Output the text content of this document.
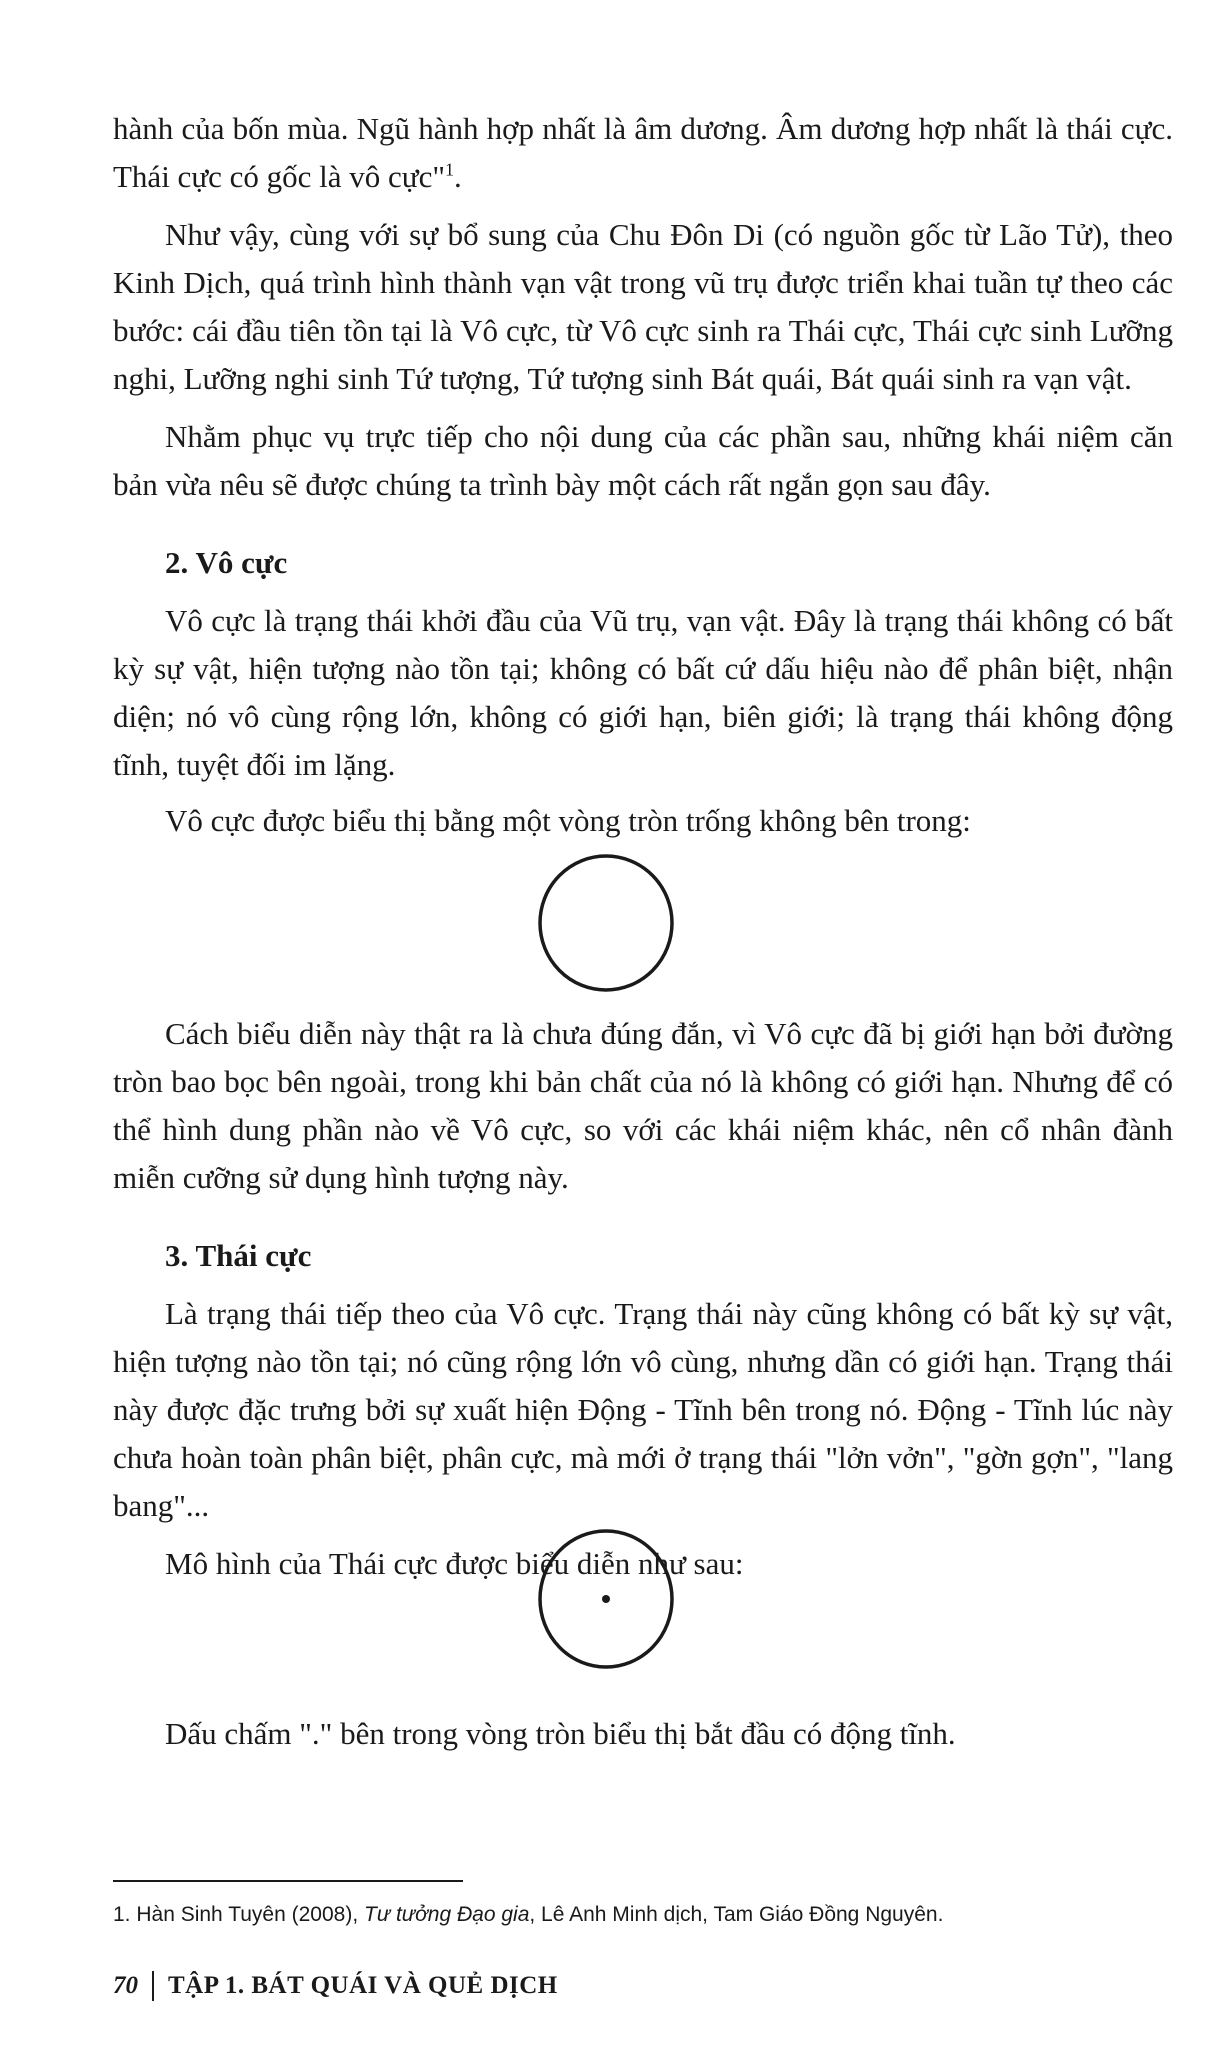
hành của bốn mùa. Ngũ hành hợp nhất là âm dương. Âm dương hợp nhất là thái cực. Thái cực có gốc là vô cực"$^1$.

Như vậy, cùng với sự bổ sung của Chu Đôn Di (có nguồn gốc từ Lão Tử), theo Kinh Dịch, quá trình hình thành vạn vật trong vũ trụ được triển khai tuần tự theo các bước: cái đầu tiên tồn tại là Vô cực, từ Vô cực sinh ra Thái cực, Thái cực sinh Lưỡng nghi, Lưỡng nghi sinh Tứ tượng, Tứ tượng sinh Bát quái, Bát quái sinh ra vạn vật.

Nhằm phục vụ trực tiếp cho nội dung của các phần sau, những khái niệm căn bản vừa nêu sẽ được chúng ta trình bày một cách rất ngắn gọn sau đây.

2. Vô cực

Vô cực là trạng thái khởi đầu của Vũ trụ, vạn vật. Đây là trạng thái không có bất kỳ sự vật, hiện tượng nào tồn tại; không có bất cứ dấu hiệu nào để phân biệt, nhận diện; nó vô cùng rộng lớn, không có giới hạn, biên giới; là trạng thái không động tĩnh, tuyệt đối im lặng.

Vô cực được biểu thị bằng một vòng tròn trống không bên trong:

Cách biểu diễn này thật ra là chưa đúng đắn, vì Vô cực đã bị giới hạn bởi đường tròn bao bọc bên ngoài, trong khi bản chất của nó là không có giới hạn. Nhưng để có thể hình dung phần nào về Vô cực, so với các khái niệm khác, nên cổ nhân đành miễn cưỡng sử dụng hình tượng này.

3. Thái cực

Là trạng thái tiếp theo của Vô cực. Trạng thái này cũng không có bất kỳ sự vật, hiện tượng nào tồn tại; nó cũng rộng lớn vô cùng, nhưng dần có giới hạn. Trạng thái này được đặc trưng bởi sự xuất hiện Động - Tĩnh bên trong nó. Động - Tĩnh lúc này chưa hoàn toàn phân biệt, phân cực, mà mới ở trạng thái "lởn vởn", "gờn gợn", "lang bang"...

Mô hình của Thái cực được biểu diễn như sau:

Dấu chấm "." bên trong vòng tròn biểu thị bắt đầu có động tĩnh.

1. Hàn Sinh Tuyên (2008), Tư tưởng Đạo gia, Lê Anh Minh dịch, Tam Giáo Đồng Nguyên.
70 TẬP 1. BÁT QUÁI VÀ QUẺ DỊCH
